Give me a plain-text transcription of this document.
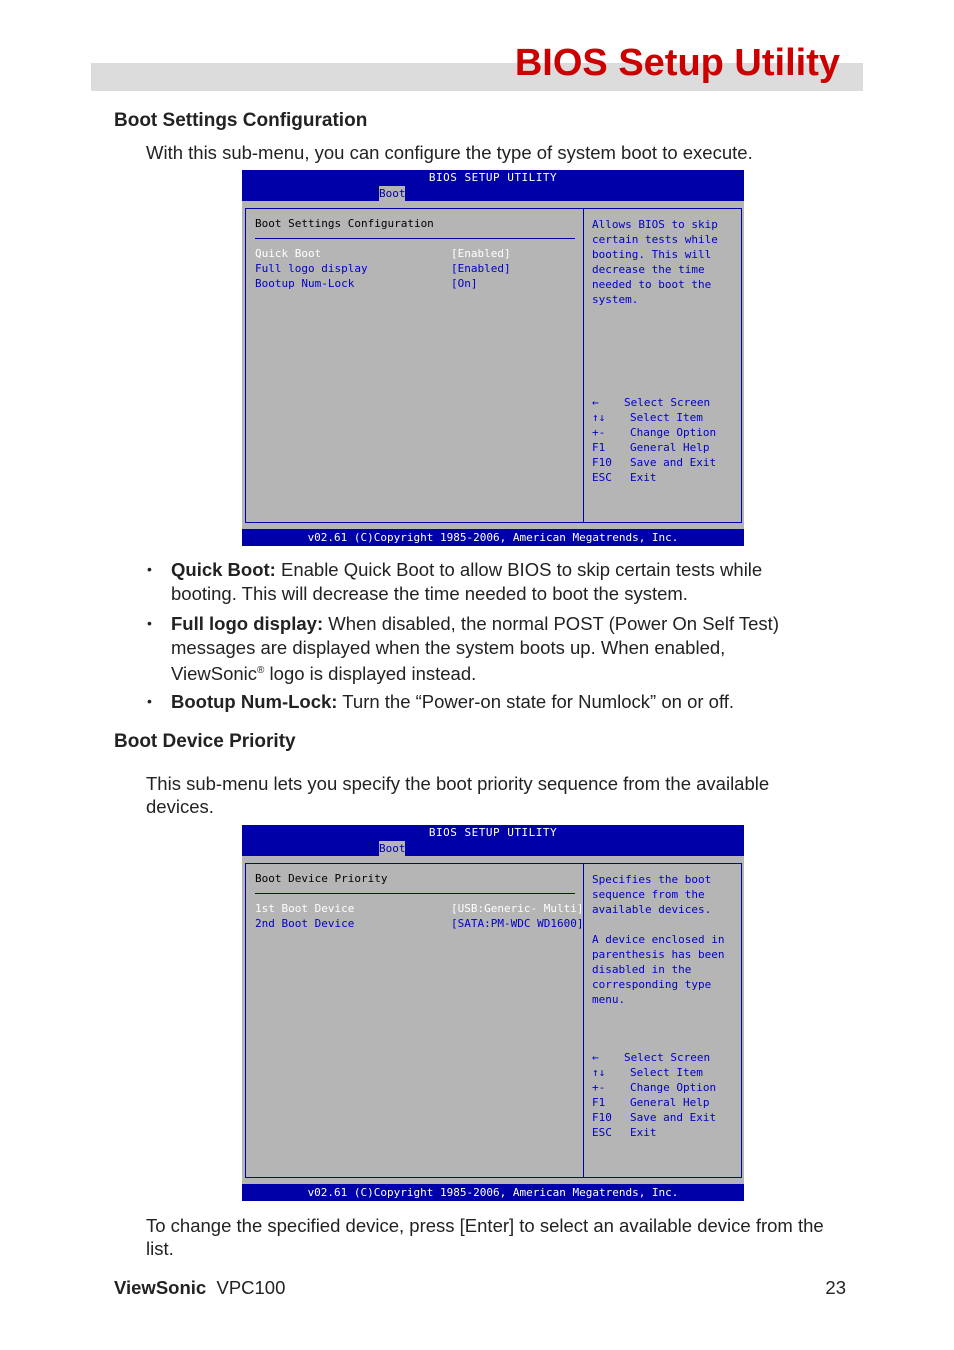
BIOS Setup Utility
Boot Settings Configuration
With this sub-menu, you can configure the type of system boot to execute.
BIOS SETUP UTILITY
Boot
Boot Settings Configuration
Quick Boot	[Enabled]
Full logo display	[Enabled]
Bootup Num-Lock	[On]
Allows BIOS to skip
certain tests while
booting. This will
decrease the time
needed to boot the
system.
← Select Screen
↑↓ Select Item
+- Change Option
F1 General Help
F10 Save and Exit
ESC Exit
v02.61 (C)Copyright 1985-2006, American Megatrends, Inc.
• Quick Boot: Enable Quick Boot to allow BIOS to skip certain tests while booting. This will decrease the time needed to boot the system.
• Full logo display: When disabled, the normal POST (Power On Self Test) messages are displayed when the system boots up. When enabled, ViewSonic® logo is displayed instead.
• Bootup Num-Lock: Turn the “Power-on state for Numlock” on or off.
Boot Device Priority
This sub-menu lets you specify the boot priority sequence from the available devices.
BIOS SETUP UTILITY
Boot
Boot Device Priority
1st Boot Device	[USB:Generic- Multi]
2nd Boot Device	[SATA:PM-WDC WD1600]
Specifies the boot
sequence from the
available devices.

A device enclosed in
parenthesis has been
disabled in the
corresponding type
menu.
← Select Screen
↑↓ Select Item
+- Change Option
F1 General Help
F10 Save and Exit
ESC Exit
v02.61 (C)Copyright 1985-2006, American Megatrends, Inc.
To change the specified device, press [Enter] to select an available device from the list.
ViewSonic VPC100	23
